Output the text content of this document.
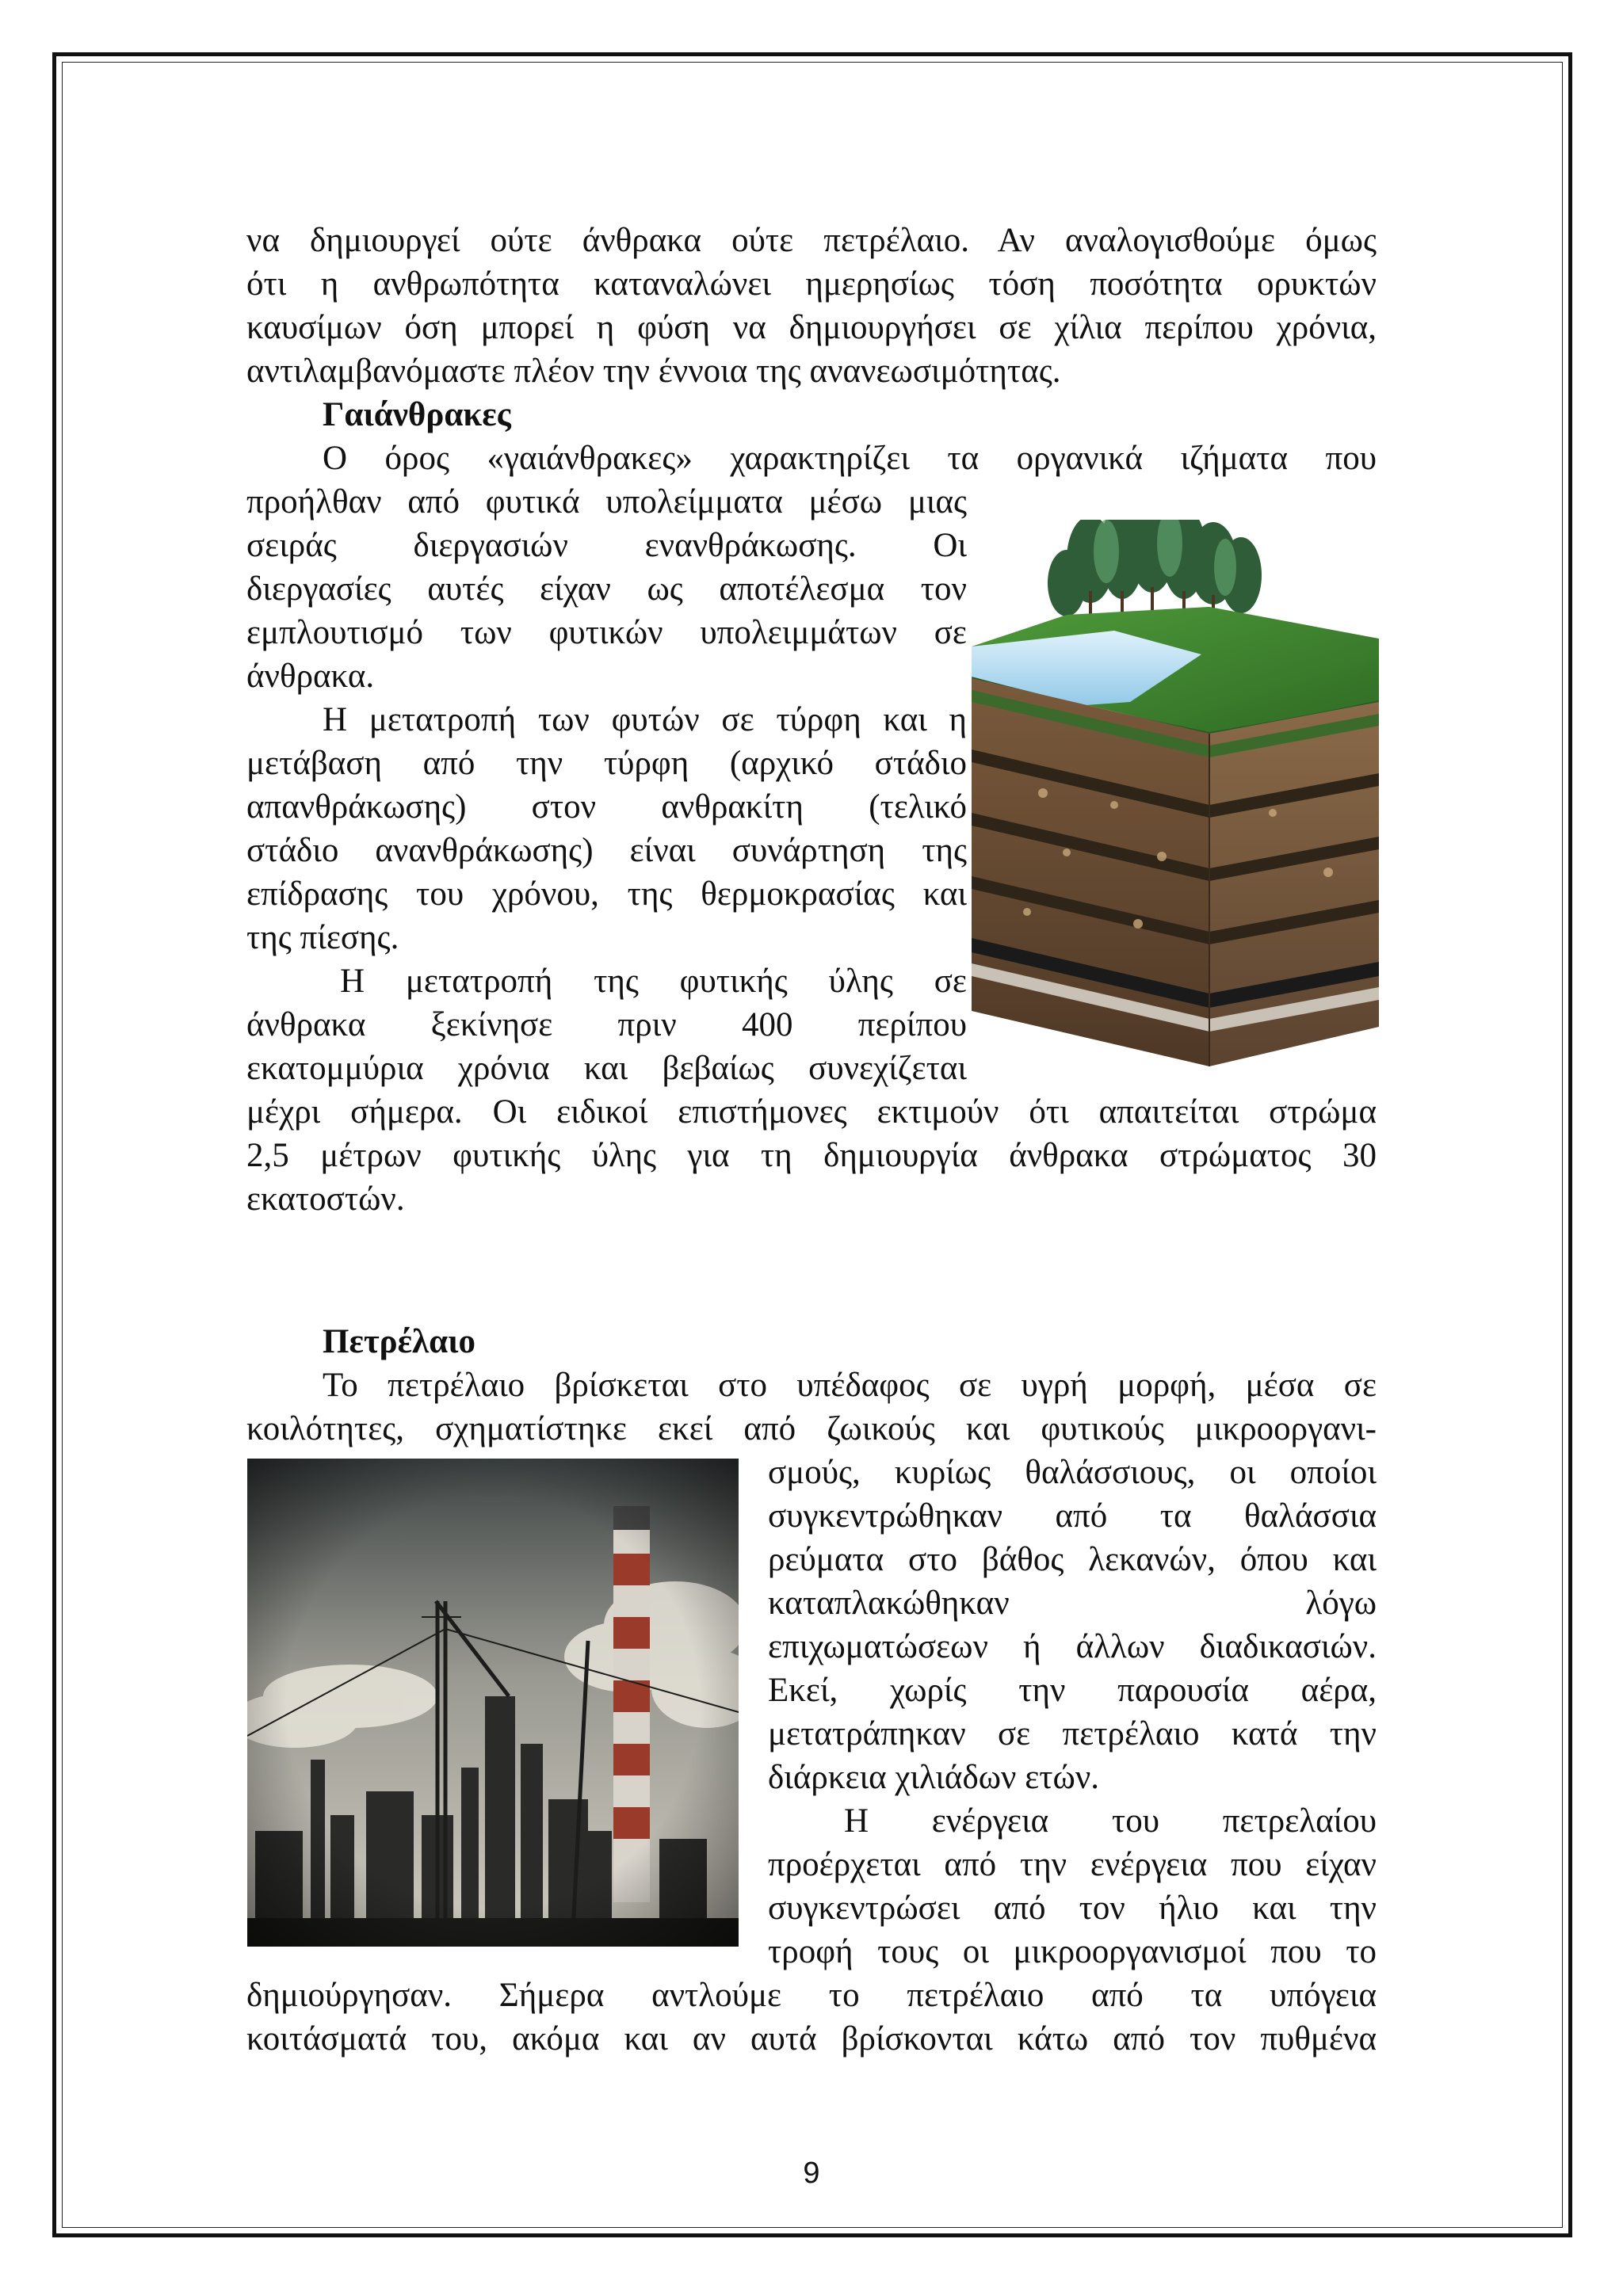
να δημιουργεί ούτε άνθρακα ούτε πετρέλαιο. Αν αναλογισθούμε όμως

ότι η ανθρωπότητα καταναλώνει ημερησίως τόση ποσότητα ορυκτών

καυσίμων όση μπορεί η φύση να δημιουργήσει σε χίλια περίπου χρόνια,

αντιλαμβανόμαστε πλέον την έννοια της ανανεωσιμότητας.

Γαιάνθρακες

Ο όρος «γαιάνθρακες» χαρακτηρίζει τα οργανικά ιζήματα που

προήλθαν από φυτικά υπολείμματα μέσω μιας

σειράς διεργασιών ενανθράκωσης. Οι

διεργασίες αυτές είχαν ως αποτέλεσμα τον

εμπλουτισμό των φυτικών υπολειμμάτων σε

άνθρακα.

Η μετατροπή των φυτών σε τύρφη και η

μετάβαση από την τύρφη (αρχικό στάδιο

απανθράκωσης) στον ανθρακίτη (τελικό

στάδιο ανανθράκωσης) είναι συνάρτηση της

επίδρασης του χρόνου, της θερμοκρασίας και

της πίεσης.

Η μετατροπή της φυτικής ύλης σε

άνθρακα ξεκίνησε πριν 400 περίπου

εκατομμύρια χρόνια και βεβαίως συνεχίζεται

μέχρι σήμερα. Οι ειδικοί επιστήμονες εκτιμούν ότι απαιτείται στρώμα

2,5 μέτρων φυτικής ύλης για τη δημιουργία άνθρακα στρώματος 30

εκατοστών.

Πετρέλαιο

Το πετρέλαιο βρίσκεται στο υπέδαφος σε υγρή μορφή, μέσα σε

κοιλότητες, σχηματίστηκε εκεί από ζωικούς και φυτικούς μικροοργανι-

σμούς, κυρίως θαλάσσιους, οι οποίοι

συγκεντρώθηκαν από τα θαλάσσια

ρεύματα στο βάθος λεκανών, όπου και

καταπλακώθηκαν λόγω

επιχωματώσεων ή άλλων διαδικασιών.

Εκεί, χωρίς την παρουσία αέρα,

μετατράπηκαν σε πετρέλαιο κατά την

διάρκεια χιλιάδων ετών.

Η ενέργεια του πετρελαίου

προέρχεται από την ενέργεια που είχαν

συγκεντρώσει από τον ήλιο και την

τροφή τους οι μικροοργανισμοί που το

δημιούργησαν. Σήμερα αντλούμε το πετρέλαιο από τα υπόγεια

κοιτάσματά του, ακόμα και αν αυτά βρίσκονται κάτω από τον πυθμένα

9
